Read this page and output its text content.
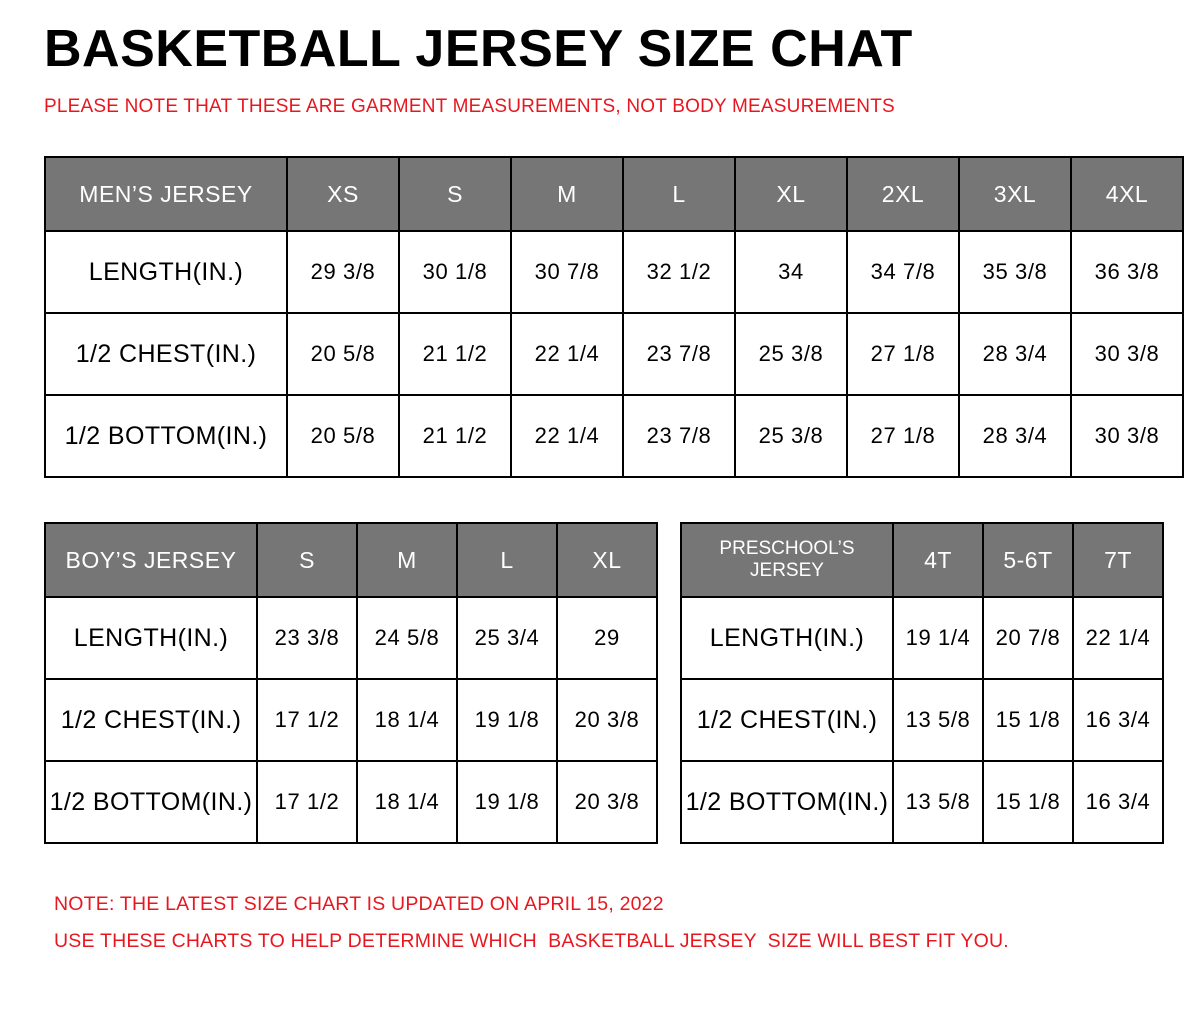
BASKETBALL JERSEY SIZE CHAT
PLEASE NOTE THAT THESE ARE GARMENT MEASUREMENTS, NOT BODY MEASUREMENTS
MEN’S JERSEY	XS	S	M	L	XL	2XL	3XL	4XL
LENGTH(IN.)	29 3/8	30 1/8	30 7/8	32 1/2	34	34 7/8	35 3/8	36 3/8
1/2 CHEST(IN.)	20 5/8	21 1/2	22 1/4	23 7/8	25 3/8	27 1/8	28 3/4	30 3/8
1/2 BOTTOM(IN.)	20 5/8	21 1/2	22 1/4	23 7/8	25 3/8	27 1/8	28 3/4	30 3/8
BOY’S JERSEY	S	M	L	XL
LENGTH(IN.)	23 3/8	24 5/8	25 3/4	29
1/2 CHEST(IN.)	17 1/2	18 1/4	19 1/8	20 3/8
1/2 BOTTOM(IN.)	17 1/2	18 1/4	19 1/8	20 3/8
PRESCHOOL’S JERSEY	4T	5-6T	7T
LENGTH(IN.)	19 1/4	20 7/8	22 1/4
1/2 CHEST(IN.)	13 5/8	15 1/8	16 3/4
1/2 BOTTOM(IN.)	13 5/8	15 1/8	16 3/4
NOTE: THE LATEST SIZE CHART IS UPDATED ON APRIL 15, 2022
USE THESE CHARTS TO HELP DETERMINE WHICH  BASKETBALL JERSEY  SIZE WILL BEST FIT YOU.
